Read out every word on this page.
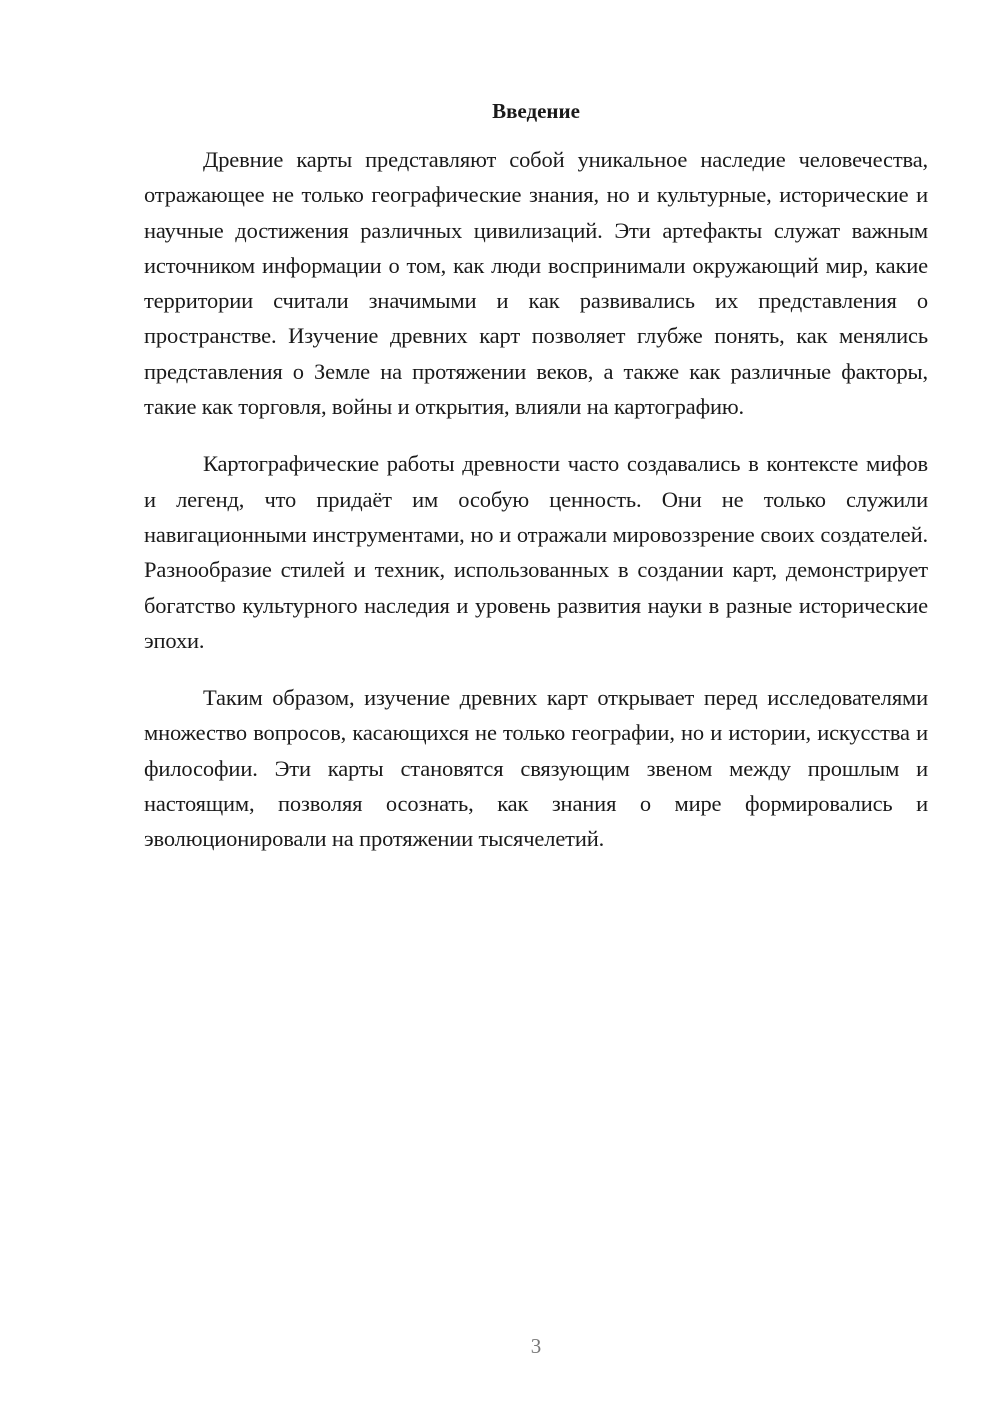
Введение

Древние карты представляют собой уникальное наследие человечества, отражающее не только географические знания, но и культурные, исторические и научные достижения различных цивилизаций. Эти артефакты служат важным источником информации о том, как люди воспринимали окружающий мир, какие территории считали значимыми и как развивались их представления о пространстве. Изучение древних карт позволяет глубже понять, как менялись представления о Земле на протяжении веков, а также как различные факторы, такие как торговля, войны и открытия, влияли на картографию.

Картографические работы древности часто создавались в контексте мифов и легенд, что придаёт им особую ценность. Они не только служили навигационными инструментами, но и отражали мировоззрение своих создателей. Разнообразие стилей и техник, использованных в создании карт, демонстрирует богатство культурного наследия и уровень развития науки в разные исторические эпохи.

Таким образом, изучение древних карт открывает перед исследователями множество вопросов, касающихся не только географии, но и истории, искусства и философии. Эти карты становятся связующим звеном между прошлым и настоящим, позволяя осознать, как знания о мире формировались и эволюционировали на протяжении тысячелетий.

3
